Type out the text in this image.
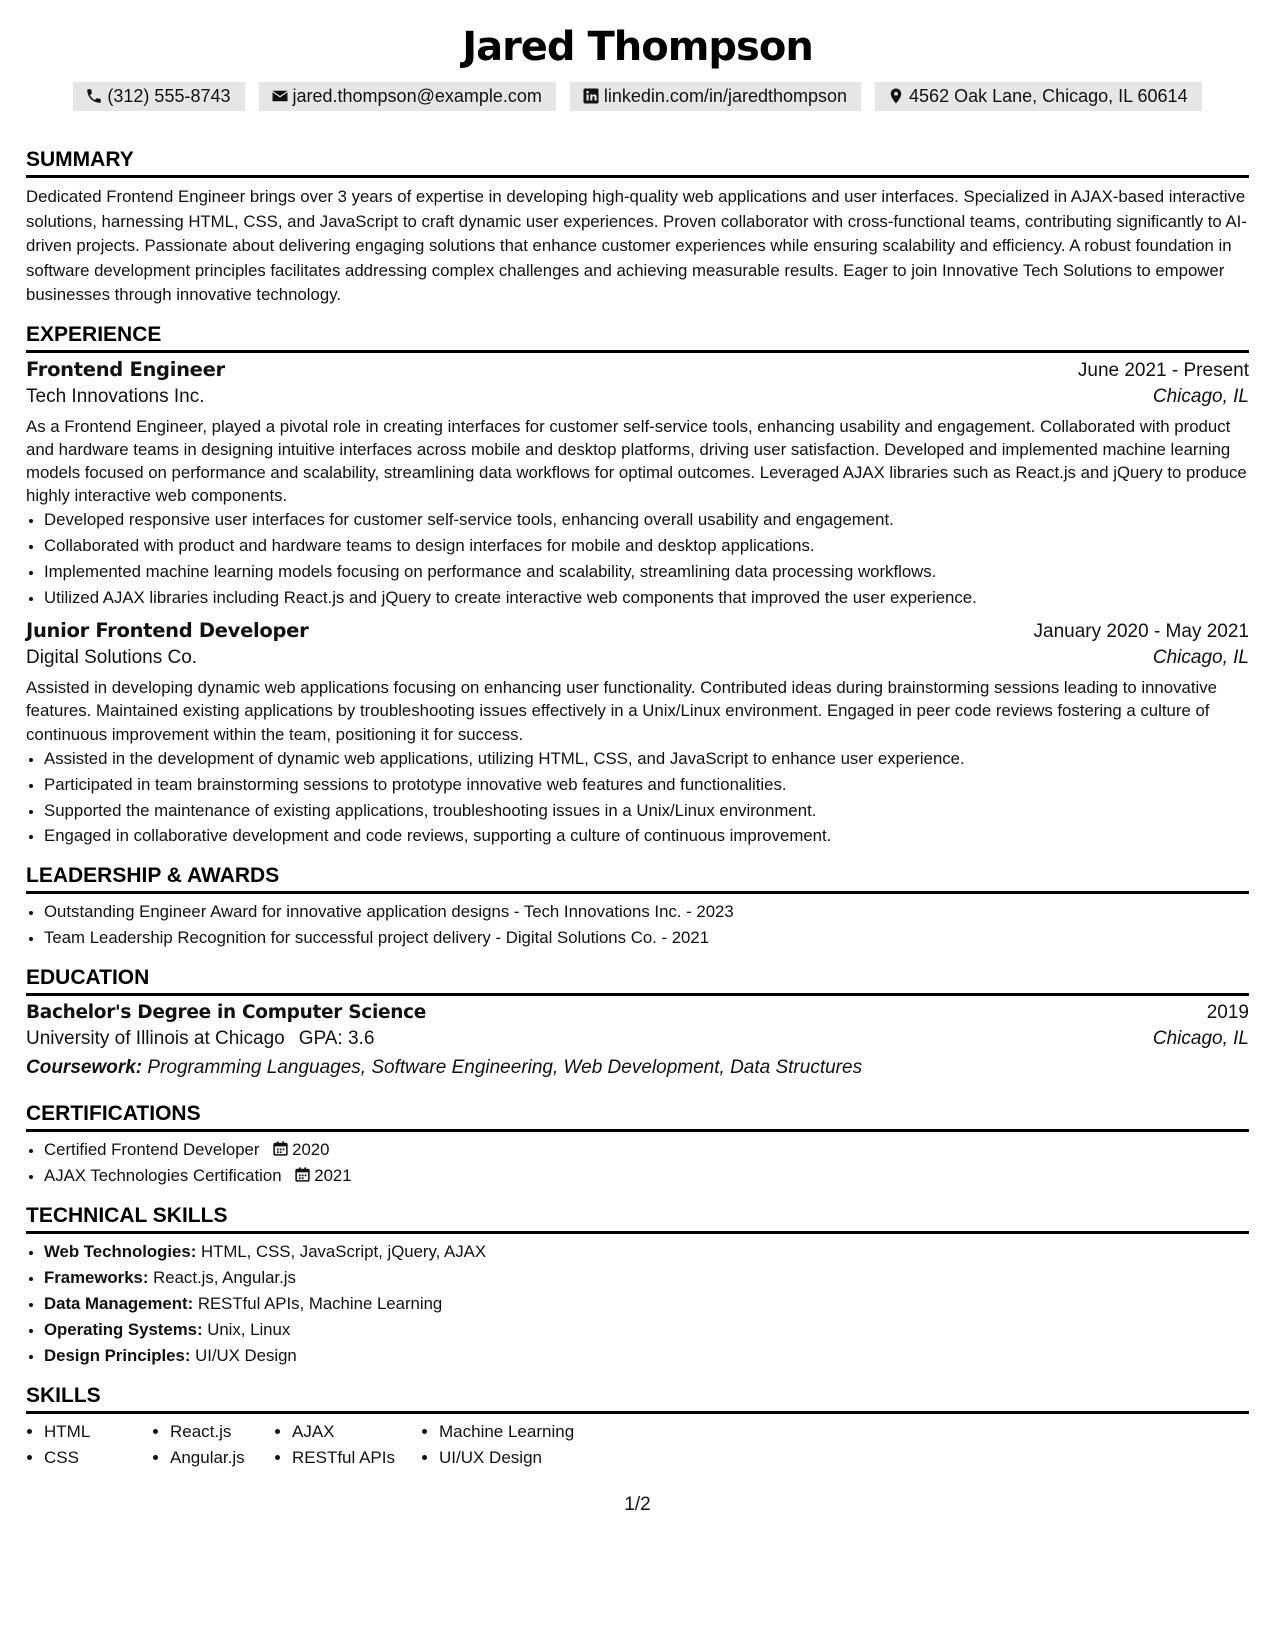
Jared Thompson
(312) 555-8743	jared.thompson@example.com	linkedin.com/in/jaredthompson	4562 Oak Lane, Chicago, IL 60614
SUMMARY

Dedicated Frontend Engineer brings over 3 years of expertise in developing high-quality web applications and user interfaces. Specialized in AJAX-based interactive solutions, harnessing HTML, CSS, and JavaScript to craft dynamic user experiences. Proven collaborator with cross-functional teams, contributing significantly to AI-driven projects. Passionate about delivering engaging solutions that enhance customer experiences while ensuring scalability and efficiency. A robust foundation in software development principles facilitates addressing complex challenges and achieving measurable results. Eager to join Innovative Tech Solutions to empower businesses through innovative technology.

EXPERIENCE
Frontend Engineer	June 2021 - Present
Tech Innovations Inc.	Chicago, IL

As a Frontend Engineer, played a pivotal role in creating interfaces for customer self-service tools, enhancing usability and engagement. Collaborated with product and hardware teams in designing intuitive interfaces across mobile and desktop platforms, driving user satisfaction. Developed and implemented machine learning models focused on performance and scalability, streamlining data workflows for optimal outcomes. Leveraged AJAX libraries such as React.js and jQuery to produce highly interactive web components.

• Developed responsive user interfaces for customer self-service tools, enhancing overall usability and engagement.
• Collaborated with product and hardware teams to design interfaces for mobile and desktop applications.
• Implemented machine learning models focusing on performance and scalability, streamlining data processing workflows.
• Utilized AJAX libraries including React.js and jQuery to create interactive web components that improved the user experience.
Junior Frontend Developer	January 2020 - May 2021
Digital Solutions Co.	Chicago, IL

Assisted in developing dynamic web applications focusing on enhancing user functionality. Contributed ideas during brainstorming sessions leading to innovative features. Maintained existing applications by troubleshooting issues effectively in a Unix/Linux environment. Engaged in peer code reviews fostering a culture of continuous improvement within the team, positioning it for success.

• Assisted in the development of dynamic web applications, utilizing HTML, CSS, and JavaScript to enhance user experience.
• Participated in team brainstorming sessions to prototype innovative web features and functionalities.
• Supported the maintenance of existing applications, troubleshooting issues in a Unix/Linux environment.
• Engaged in collaborative development and code reviews, supporting a culture of continuous improvement.
LEADERSHIP & AWARDS
• Outstanding Engineer Award for innovative application designs - Tech Innovations Inc. - 2023
• Team Leadership Recognition for successful project delivery - Digital Solutions Co. - 2021
EDUCATION
Bachelor's Degree in Computer Science	2019
University of Illinois at Chicago GPA: 3.6	Chicago, IL
Coursework: Programming Languages, Software Engineering, Web Development, Data Structures
CERTIFICATIONS
• Certified Frontend Developer 2020
• AJAX Technologies Certification 2021
TECHNICAL SKILLS
• Web Technologies: HTML, CSS, JavaScript, jQuery, AJAX
• Frameworks: React.js, Angular.js
• Data Management: RESTful APIs, Machine Learning
• Operating Systems: Unix, Linux
• Design Principles: UI/UX Design
SKILLS
• HTML
• CSS
• React.js
• Angular.js
• AJAX
• RESTful APIs
• Machine Learning
• UI/UX Design
1/2
